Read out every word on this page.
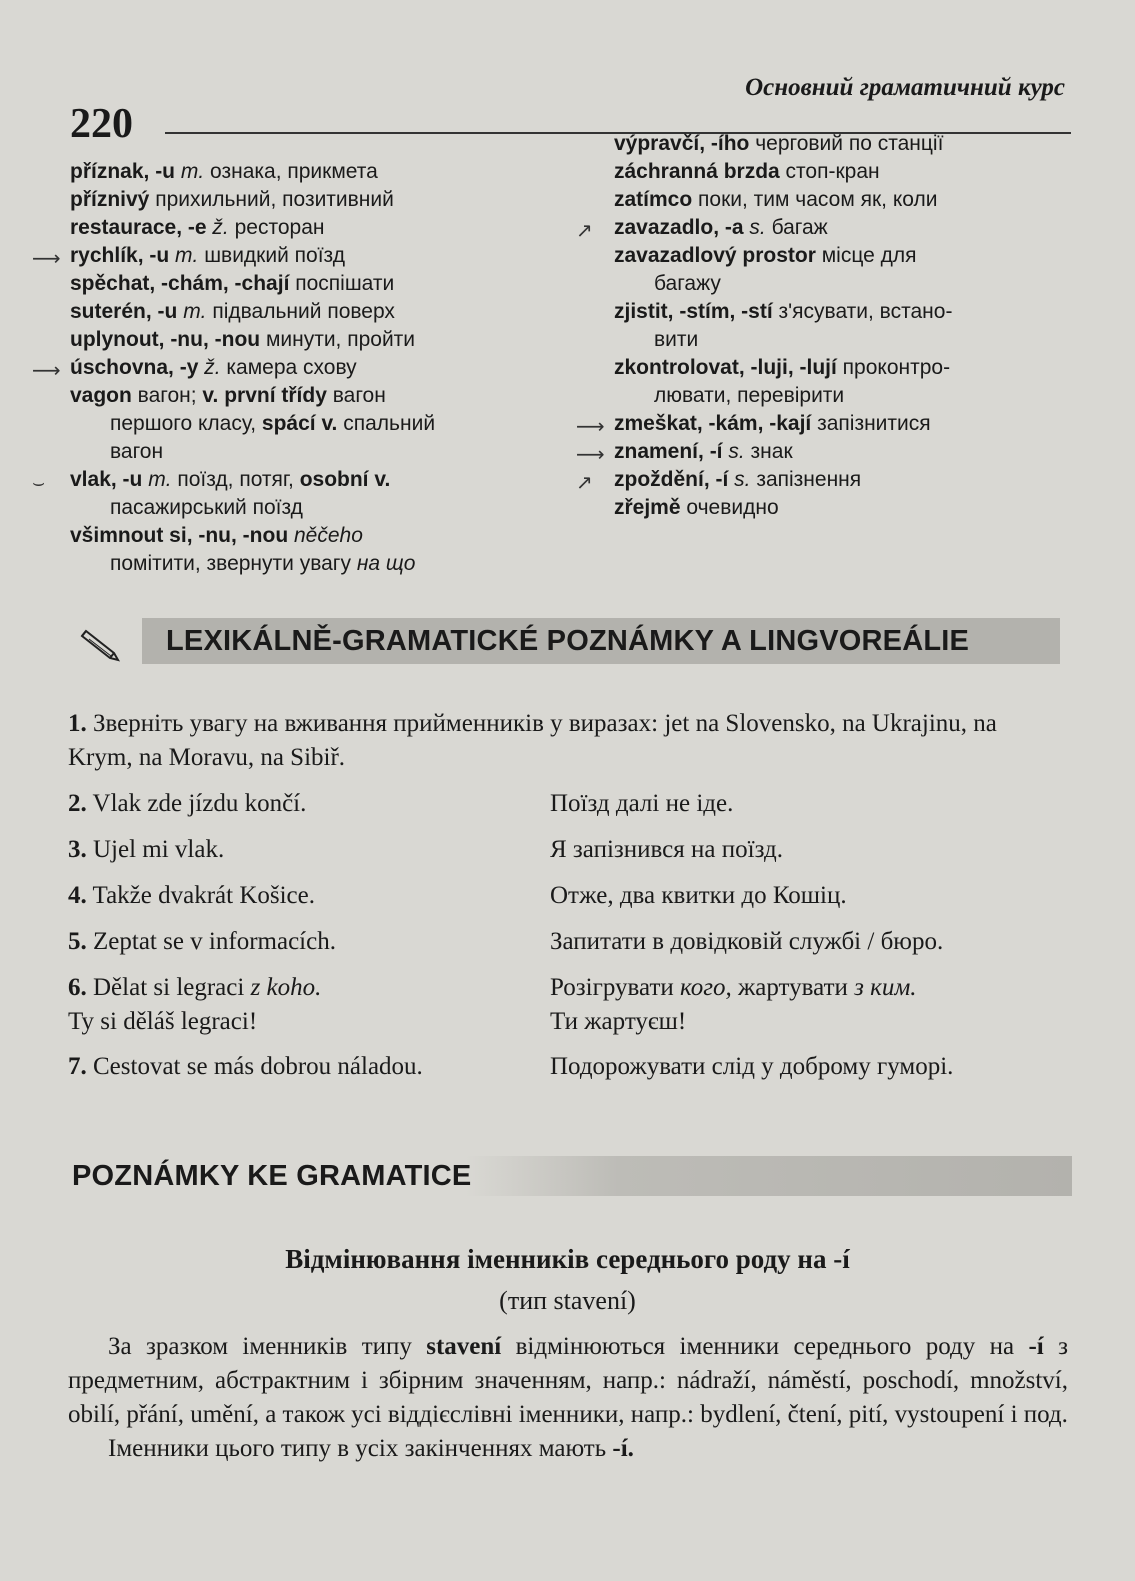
Основний граматичний курс
220
příznak, -u m. ознака, прикмета
příznivý прихильний, позитивний
restaurace, -e ž. ресторан
⟶ rychlík, -u m. швидкий поїзд
spěchat, -chám, -chají поспішати
suterén, -u m. підвальний поверх
uplynout, -nu, -nou минути, пройти
⟶ úschovna, -y ž. камера схову
vagon вагон; v. první třídy вагон
першого класу, spácí v. спальний
вагон
⌣ vlak, -u m. поїзд, потяг, osobní v.
пасажирський поїзд
všimnout si, -nu, -nou něčeho
помітити, звернути увагу на що
výpravčí, -ího черговий по станції
záchranná brzda стоп-кран
zatímco поки, тим часом як, коли
↗ zavazadlo, -a s. багаж
zavazadlový prostor місце для
багажу
zjistit, -stím, -stí з'ясувати, встано-
вити
zkontrolovat, -luji, -lují проконтро-
лювати, перевірити
⟶ zmeškat, -kám, -kají запізнитися
⟶ znamení, -í s. знак
↗ zpoždění, -í s. запізнення
zřejmě очевидно
LEXIKÁLNĚ-GRAMATICKÉ POZNÁMKY A LINGVOREÁLIE
1. Зверніть увагу на вживання прийменників у виразах: jet na Slovensko, na Ukrajinu, na Krym, na Moravu, na Sibiř.
2. Vlak zde jízdu končí.
3. Ujel mi vlak.
4. Takže dvakrát Košice.
5. Zeptat se v informacích.
6. Dělat si legraci z koho.
Ty si děláš legraci!
7. Cestovat se más dobrou náladou.
Поїзд далі не іде.
Я запізнився на поїзд.
Отже, два квитки до Кошіц.
Запитати в довідковій службі / бюро.
Розігрувати кого, жартувати з ким.
Ти жартуєш!
Подорожувати слід у доброму гуморі.
POZNÁMKY KE GRAMATICE
Відмінювання іменників середнього роду на -í
(тип stavení)

За зразком іменників типу stavení відмінюються іменники середнього роду на -í з предметним, абстрактним і збірним значенням, напр.: nádraží, náměstí, poschodí, množství, obilí, přání, umění, а також усі віддієслівні іменники, напр.: bydlení, čtení, pití, vystoupení і под.

Іменники цього типу в усіх закінченнях мають -í.
